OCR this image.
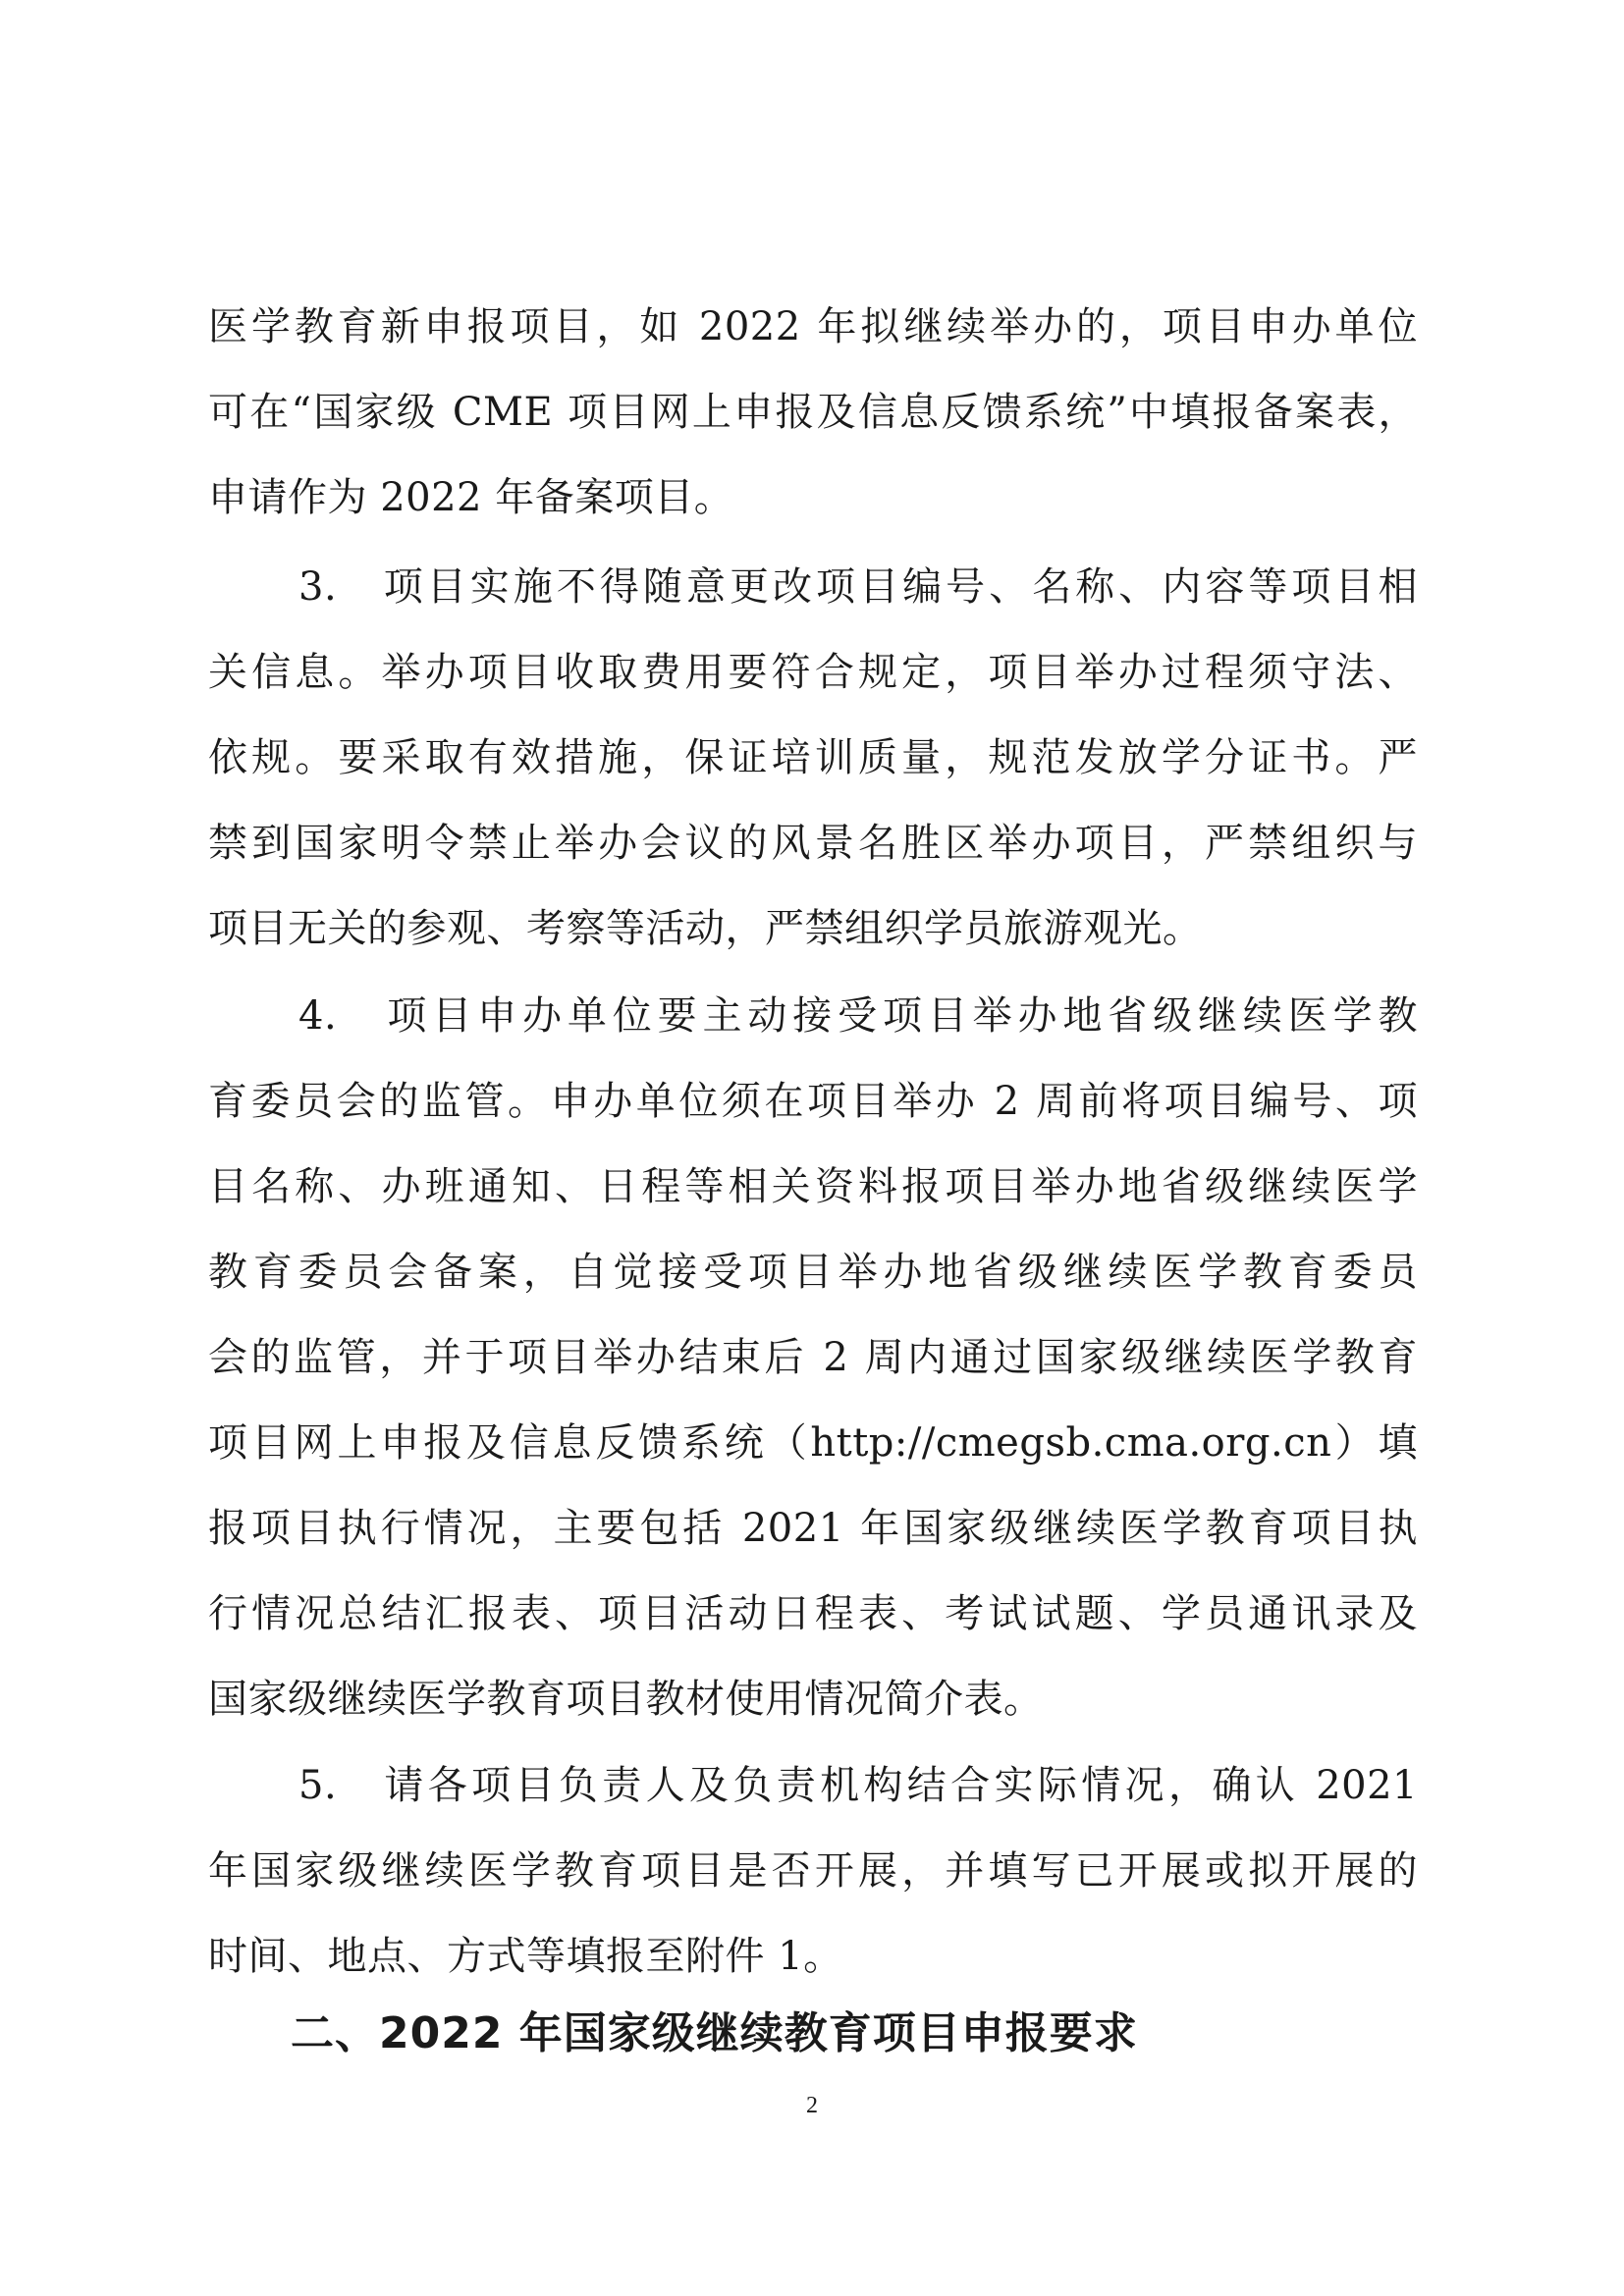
医学教育新申报项目，如 2022 年拟继续举办的，项目申办单位
可在“国家级 CME 项目网上申报及信息反馈系统”中填报备案表，
申请作为 2022 年备案项目。
3.　项目实施不得随意更改项目编号、名称、内容等项目相
关信息。举办项目收取费用要符合规定，项目举办过程须守法、
依规。要采取有效措施，保证培训质量，规范发放学分证书。严
禁到国家明令禁止举办会议的风景名胜区举办项目，严禁组织与
项目无关的参观、考察等活动，严禁组织学员旅游观光。
4.　项目申办单位要主动接受项目举办地省级继续医学教
育委员会的监管。申办单位须在项目举办 2 周前将项目编号、项
目名称、办班通知、日程等相关资料报项目举办地省级继续医学
教育委员会备案，自觉接受项目举办地省级继续医学教育委员
会的监管，并于项目举办结束后 2 周内通过国家级继续医学教育
项目网上申报及信息反馈系统（http://cmegsb.cma.org.cn）填
报项目执行情况，主要包括 2021 年国家级继续医学教育项目执
行情况总结汇报表、项目活动日程表、考试试题、学员通讯录及
国家级继续医学教育项目教材使用情况简介表。
5.　请各项目负责人及负责机构结合实际情况，确认 2021
年国家级继续医学教育项目是否开展，并填写已开展或拟开展的
时间、地点、方式等填报至附件 1。
二、2022 年国家级继续教育项目申报要求
2
